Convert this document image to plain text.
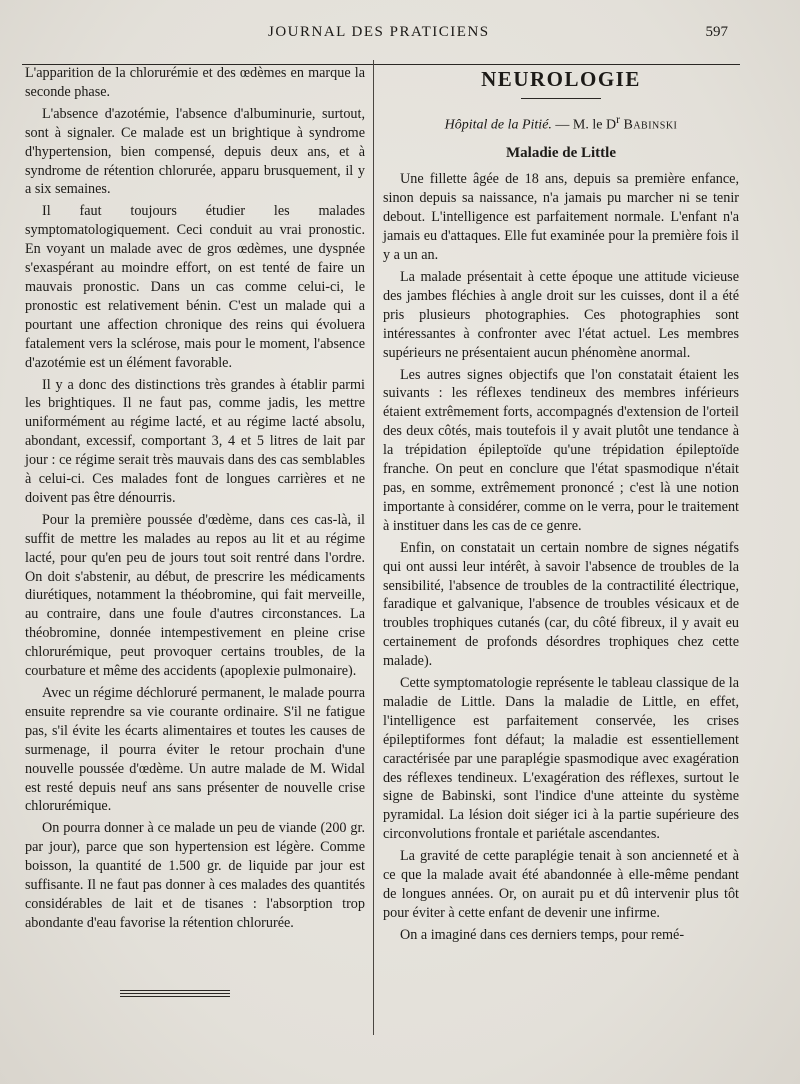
JOURNAL DES PRATICIENS	597

L'apparition de la chlorurémie et des œdèmes en marque la seconde phase.

L'absence d'azotémie, l'absence d'albuminurie, surtout, sont à signaler. Ce malade est un brightique à syndrome d'hypertension, bien compensé, depuis deux ans, et à syndrome de rétention chlorurée, apparu brusquement, il y a six semaines.

Il faut toujours étudier les malades symptomatologiquement. Ceci conduit au vrai pronostic. En voyant un malade avec de gros œdèmes, une dyspnée s'exaspérant au moindre effort, on est tenté de faire un mauvais pronostic. Dans un cas comme celui-ci, le pronostic est relativement bénin. C'est un malade qui a pourtant une affection chronique des reins qui évoluera fatalement vers la sclérose, mais pour le moment, l'absence d'azotémie est un élément favorable.

Il y a donc des distinctions très grandes à établir parmi les brightiques. Il ne faut pas, comme jadis, les mettre uniformément au régime lacté, et au régime lacté absolu, abondant, excessif, comportant 3, 4 et 5 litres de lait par jour : ce régime serait très mauvais dans des cas semblables à celui-ci. Ces malades font de longues carrières et ne doivent pas être dénourris.

Pour la première poussée d'œdème, dans ces cas-là, il suffit de mettre les malades au repos au lit et au régime lacté, pour qu'en peu de jours tout soit rentré dans l'ordre. On doit s'abstenir, au début, de prescrire les médicaments diurétiques, notamment la théobromine, qui fait merveille, au contraire, dans une foule d'autres circonstances. La théobromine, donnée intempestivement en pleine crise chlorurémique, peut provoquer certains troubles, de la courbature et même des accidents (apoplexie pulmonaire).

Avec un régime déchloruré permanent, le malade pourra ensuite reprendre sa vie courante ordinaire. S'il ne fatigue pas, s'il évite les écarts alimentaires et toutes les causes de surmenage, il pourra éviter le retour prochain d'une nouvelle poussée d'œdème. Un autre malade de M. Widal est resté depuis neuf ans sans présenter de nouvelle crise chlorurémique.

On pourra donner à ce malade un peu de viande (200 gr. par jour), parce que son hypertension est légère. Comme boisson, la quantité de 1.500 gr. de liquide par jour est suffisante. Il ne faut pas donner à ces malades des quantités considérables de lait et de tisanes : l'absorption trop abondante d'eau favorise la rétention chlorurée.

NEUROLOGIE
Hôpital de la Pitié. — M. le $D^r$ Babinski
Maladie de Little

Une fillette âgée de 18 ans, depuis sa première enfance, sinon depuis sa naissance, n'a jamais pu marcher ni se tenir debout. L'intelligence est parfaitement normale. L'enfant n'a jamais eu d'attaques. Elle fut examinée pour la première fois il y a un an.

La malade présentait à cette époque une attitude vicieuse des jambes fléchies à angle droit sur les cuisses, dont il a été pris plusieurs photographies. Ces photographies sont intéressantes à confronter avec l'état actuel. Les membres supérieurs ne présentaient aucun phénomène anormal.

Les autres signes objectifs que l'on constatait étaient les suivants : les réflexes tendineux des membres inférieurs étaient extrêmement forts, accompagnés d'extension de l'orteil des deux côtés, mais toutefois il y avait plutôt une tendance à la trépidation épileptoïde qu'une trépidation épileptoïde franche. On peut en conclure que l'état spasmodique n'était pas, en somme, extrêmement prononcé ; c'est là une notion importante à considérer, comme on le verra, pour le traitement à instituer dans les cas de ce genre.

Enfin, on constatait un certain nombre de signes négatifs qui ont aussi leur intérêt, à savoir l'absence de troubles de la sensibilité, l'absence de troubles de la contractilité électrique, faradique et galvanique, l'absence de troubles vésicaux et de troubles trophiques cutanés (car, du côté fibreux, il y avait eu certainement de profonds désordres trophiques chez cette malade).

Cette symptomatologie représente le tableau classique de la maladie de Little. Dans la maladie de Little, en effet, l'intelligence est parfaitement conservée, les crises épileptiformes font défaut; la maladie est essentiellement caractérisée par une paraplégie spasmodique avec exagération des réflexes tendineux. L'exagération des réflexes, surtout le signe de Babinski, sont l'indice d'une atteinte du système pyramidal. La lésion doit siéger ici à la partie supérieure des circonvolutions frontale et pariétale ascendantes.

La gravité de cette paraplégie tenait à son ancienneté et à ce que la malade avait été abandonnée à elle-même pendant de longues années. Or, on aurait pu et dû intervenir plus tôt pour éviter à cette enfant de devenir une infirme.

On a imaginé dans ces derniers temps, pour remé-
